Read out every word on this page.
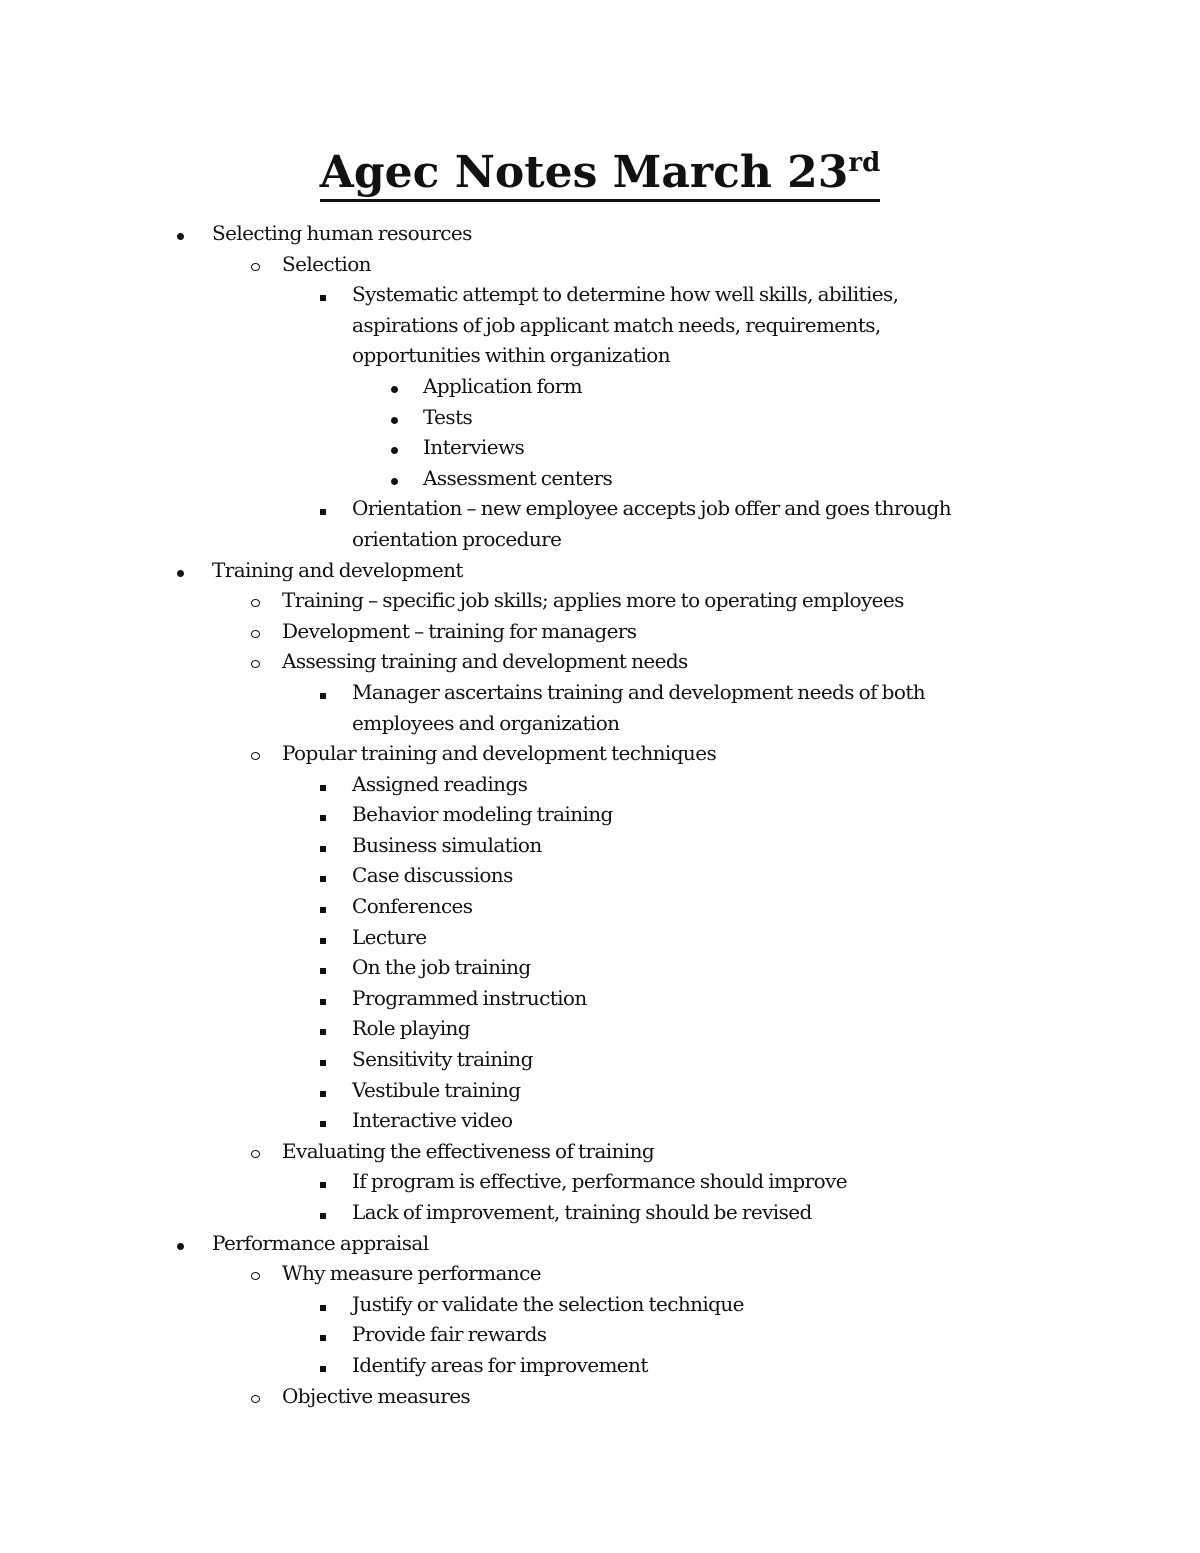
Agec Notes March 23rd
Selecting human resources
Selection
Systematic attempt to determine how well skills, abilities,
aspirations of job applicant match needs, requirements,
opportunities within organization
Application form
Tests
Interviews
Assessment centers
Orientation – new employee accepts job offer and goes through
orientation procedure
Training and development
Training – specific job skills; applies more to operating employees
Development – training for managers
Assessing training and development needs
Manager ascertains training and development needs of both
employees and organization
Popular training and development techniques
Assigned readings
Behavior modeling training
Business simulation
Case discussions
Conferences
Lecture
On the job training
Programmed instruction
Role playing
Sensitivity training
Vestibule training
Interactive video
Evaluating the effectiveness of training
If program is effective, performance should improve
Lack of improvement, training should be revised
Performance appraisal
Why measure performance
Justify or validate the selection technique
Provide fair rewards
Identify areas for improvement
Objective measures
